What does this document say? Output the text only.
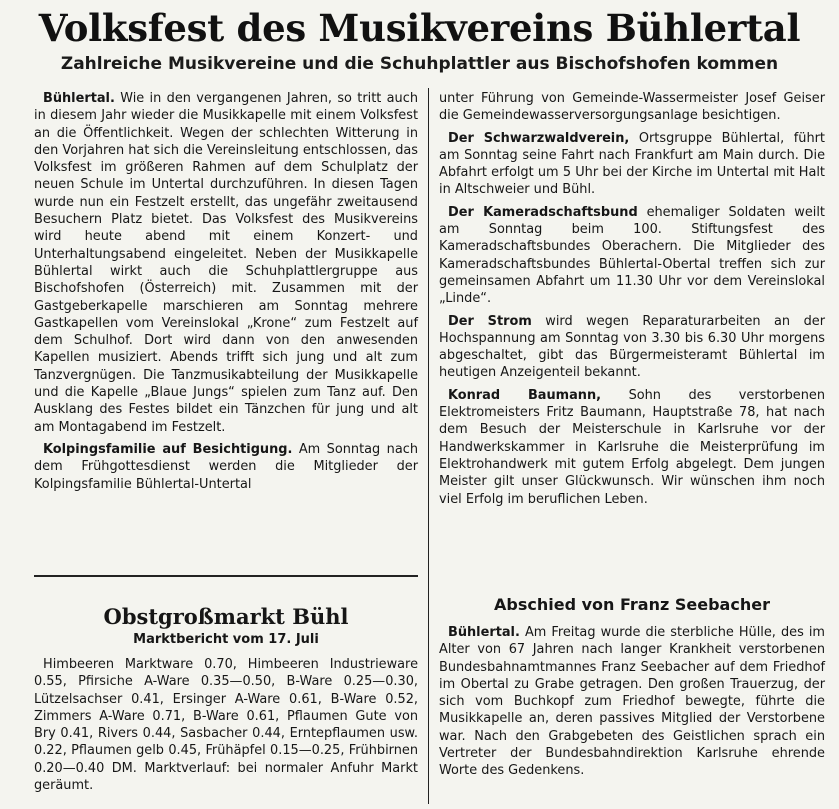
Volksfest des Musikvereins Bühlertal
Zahlreiche Musikvereine und die Schuhplattler aus Bischofshofen kommen

Bühlertal. Wie in den vergangenen Jahren, so tritt auch in diesem Jahr wieder die Musikkapelle mit einem Volksfest an die Öffentlichkeit. Wegen der schlechten Witterung in den Vorjahren hat sich die Vereinsleitung entschlossen, das Volksfest im größeren Rahmen auf dem Schulplatz der neuen Schule im Untertal durchzuführen. In diesen Tagen wurde nun ein Festzelt erstellt, das ungefähr zweitausend Besuchern Platz bietet. Das Volksfest des Musikvereins wird heute abend mit einem Konzert- und Unterhaltungsabend eingeleitet. Neben der Musikkapelle Bühlertal wirkt auch die Schuhplattlergruppe aus Bischofshofen (Österreich) mit. Zusammen mit der Gastgeberkapelle marschieren am Sonntag mehrere Gastkapellen vom Vereinslokal „Krone“ zum Festzelt auf dem Schulhof. Dort wird dann von den anwesenden Kapellen musiziert. Abends trifft sich jung und alt zum Tanzvergnügen. Die Tanzmusikabteilung der Musikkapelle und die Kapelle „Blaue Jungs“ spielen zum Tanz auf. Den Ausklang des Festes bildet ein Tänzchen für jung und alt am Montagabend im Festzelt.

Kolpingsfamilie auf Besichtigung. Am Sonntag nach dem Frühgottesdienst werden die Mitglieder der Kolpingsfamilie Bühlertal-Untertal

Obstgroßmarkt Bühl
Marktbericht vom 17. Juli

Himbeeren Marktware 0.70, Himbeeren Industrieware 0.55, Pfirsiche A-Ware 0.35—0.50, B-Ware 0.25—0.30, Lützelsachser 0.41, Ersinger A-Ware 0.61, B-Ware 0.52, Zimmers A-Ware 0.71, B-Ware 0.61, Pflaumen Gute von Bry 0.41, Rivers 0.44, Sasbacher 0.44, Erntepflaumen usw. 0.22, Pflaumen gelb 0.45, Frühäpfel 0.15—0.25, Frühbirnen 0.20—0.40 DM. Marktverlauf: bei normaler Anfuhr Markt geräumt.

unter Führung von Gemeinde-Wassermeister Josef Geiser die Gemeindewasserversorgungsanlage besichtigen.

Der Schwarzwaldverein, Ortsgruppe Bühlertal, führt am Sonntag seine Fahrt nach Frankfurt am Main durch. Die Abfahrt erfolgt um 5 Uhr bei der Kirche im Untertal mit Halt in Altschweier und Bühl.

Der Kameradschaftsbund ehemaliger Soldaten weilt am Sonntag beim 100. Stiftungsfest des Kameradschaftsbundes Oberachern. Die Mitglieder des Kameradschaftsbundes Bühlertal-Obertal treffen sich zur gemeinsamen Abfahrt um 11.30 Uhr vor dem Vereinslokal „Linde“.

Der Strom wird wegen Reparaturarbeiten an der Hochspannung am Sonntag von 3.30 bis 6.30 Uhr morgens abgeschaltet, gibt das Bürgermeisteramt Bühlertal im heutigen Anzeigenteil bekannt.

Konrad Baumann, Sohn des verstorbenen Elektromeisters Fritz Baumann, Hauptstraße 78, hat nach dem Besuch der Meisterschule in Karlsruhe vor der Handwerkskammer in Karlsruhe die Meisterprüfung im Elektrohandwerk mit gutem Erfolg abgelegt. Dem jungen Meister gilt unser Glückwunsch. Wir wünschen ihm noch viel Erfolg im beruflichen Leben.

Abschied von Franz Seebacher

Bühlertal. Am Freitag wurde die sterbliche Hülle, des im Alter von 67 Jahren nach langer Krankheit verstorbenen Bundesbahnamtmannes Franz Seebacher auf dem Friedhof im Obertal zu Grabe getragen. Den großen Trauerzug, der sich vom Buchkopf zum Friedhof bewegte, führte die Musikkapelle an, deren passives Mitglied der Verstorbene war. Nach den Grabgebeten des Geistlichen sprach ein Vertreter der Bundesbahndirektion Karlsruhe ehrende Worte des Gedenkens.
